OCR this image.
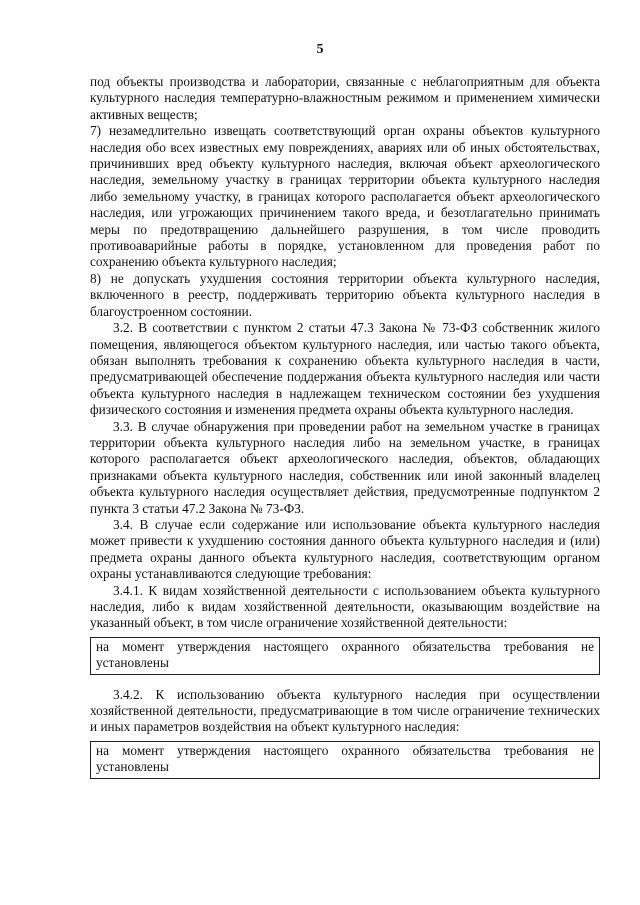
5

под объекты производства и лаборатории, связанные с неблагоприятным для объекта культурного наследия температурно-влажностным режимом и применением химически активных веществ;

7) незамедлительно извещать соответствующий орган охраны объектов культурного наследия обо всех известных ему повреждениях, авариях или об иных обстоятельствах, причинивших вред объекту культурного наследия, включая объект археологического наследия, земельному участку в границах территории объекта культурного наследия либо земельному участку, в границах которого располагается объект археологического наследия, или угрожающих причинением такого вреда, и безотлагательно принимать меры по предотвращению дальнейшего разрушения, в том числе проводить противоаварийные работы в порядке, установленном для проведения работ по сохранению объекта культурного наследия;

8) не допускать ухудшения состояния территории объекта культурного наследия, включенного в реестр, поддерживать территорию объекта культурного наследия в благоустроенном состоянии.

3.2. В соответствии с пунктом 2 статьи 47.3 Закона № 73-ФЗ собственник жилого помещения, являющегося объектом культурного наследия, или частью такого объекта, обязан выполнять требования к сохранению объекта культурного наследия в части, предусматривающей обеспечение поддержания объекта культурного наследия или части объекта культурного наследия в надлежащем техническом состоянии без ухудшения физического состояния и изменения предмета охраны объекта культурного наследия.

3.3. В случае обнаружения при проведении работ на земельном участке в границах территории объекта культурного наследия либо на земельном участке, в границах которого располагается объект археологического наследия, объектов, обладающих признаками объекта культурного наследия, собственник или иной законный владелец объекта культурного наследия осуществляет действия, предусмотренные подпунктом 2 пункта 3 статьи 47.2 Закона № 73-ФЗ.

3.4. В случае если содержание или использование объекта культурного наследия может привести к ухудшению состояния данного объекта культурного наследия и (или) предмета охраны данного объекта культурного наследия, соответствующим органом охраны устанавливаются следующие требования:

3.4.1. К видам хозяйственной деятельности с использованием объекта культурного наследия, либо к видам хозяйственной деятельности, оказывающим воздействие на указанный объект, в том числе ограничение хозяйственной деятельности:

на момент утверждения настоящего охранного обязательства требования не установлены

3.4.2. К использованию объекта культурного наследия при осуществлении хозяйственной деятельности, предусматривающие в том числе ограничение технических и иных параметров воздействия на объект культурного наследия:

на момент утверждения настоящего охранного обязательства требования не установлены
